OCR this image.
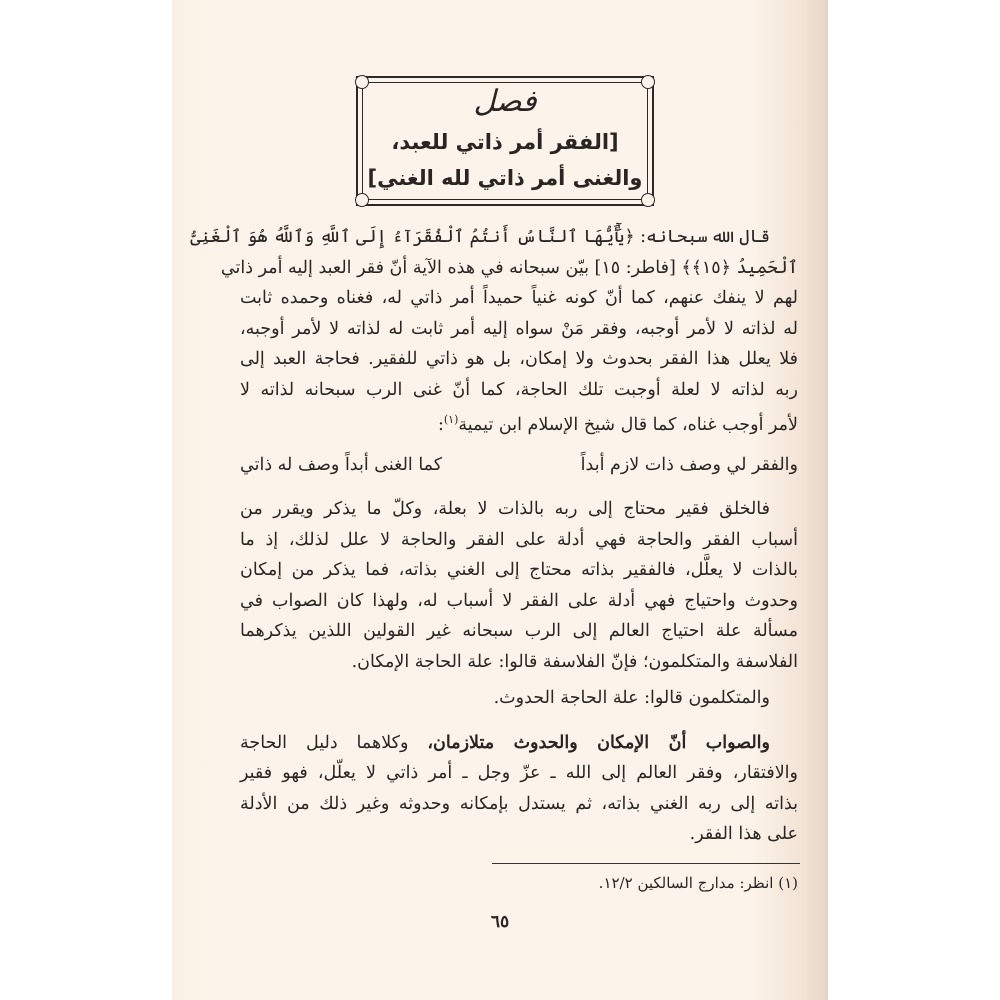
فصل
[الفقر أمر ذاتي للعبد،
والغنى أمر ذاتي لله الغني]
قال الله سبحانه: ﴿يَٰٓأَيُّهَا ٱلنَّاسُ أَنتُمُ ٱلْفُقَرَآءُ إِلَى ٱللَّهِ وَٱللَّهُ هُوَ ٱلْغَنِىُّ
ٱلْحَمِيدُ ﴿١٥﴾﴾ [فاطر: ١٥] بيّن سبحانه في هذه الآية أنّ فقر العبد إليه أمر ذاتي
لهم لا ينفك عنهم، كما أنّ كونه غنياً حميداً أمر ذاتي له، فغناه وحمده ثابت
له لذاته لا لأمر أوجبه، وفقر مَنْ سواه إليه أمر ثابت له لذاته لا لأمر أوجبه،
فلا يعلل هذا الفقر بحدوث ولا إمكان، بل هو ذاتي للفقير. فحاجة العبد إلى
ربه لذاته لا لعلة أوجبت تلك الحاجة، كما أنّ غنى الرب سبحانه لذاته لا
لأمر أوجب غناه، كما قال شيخ الإسلام ابن تيمية$^{(١)}$:
والفقر لي وصف ذات لازم أبداً
كما الغنى أبداً وصف له ذاتي
فالخلق فقير محتاج إلى ربه بالذات لا بعلة، وكلّ ما يذكر ويقرر من
أسباب الفقر والحاجة فهي أدلة على الفقر والحاجة لا علل لذلك، إذ ما
بالذات لا يعلَّل، فالفقير بذاته محتاج إلى الغني بذاته، فما يذكر من إمكان
وحدوث واحتياج فهي أدلة على الفقر لا أسباب له، ولهذا كان الصواب في
مسألة علة احتياج العالم إلى الرب سبحانه غير القولين اللذين يذكرهما
الفلاسفة والمتكلمون؛ فإنّ الفلاسفة قالوا: علة الحاجة الإمكان.
والمتكلمون قالوا: علة الحاجة الحدوث.
والصواب أنّ الإمكان والحدوث متلازمان، وكلاهما دليل الحاجة
والافتقار، وفقر العالم إلى الله ـ عزّ وجل ـ أمر ذاتي لا يعلّل، فهو فقير
بذاته إلى ربه الغني بذاته، ثم يستدل بإمكانه وحدوثه وغير ذلك من الأدلة
على هذا الفقر.
(١) انظر: مدارج السالكين ١٢/٢.
٦٥
